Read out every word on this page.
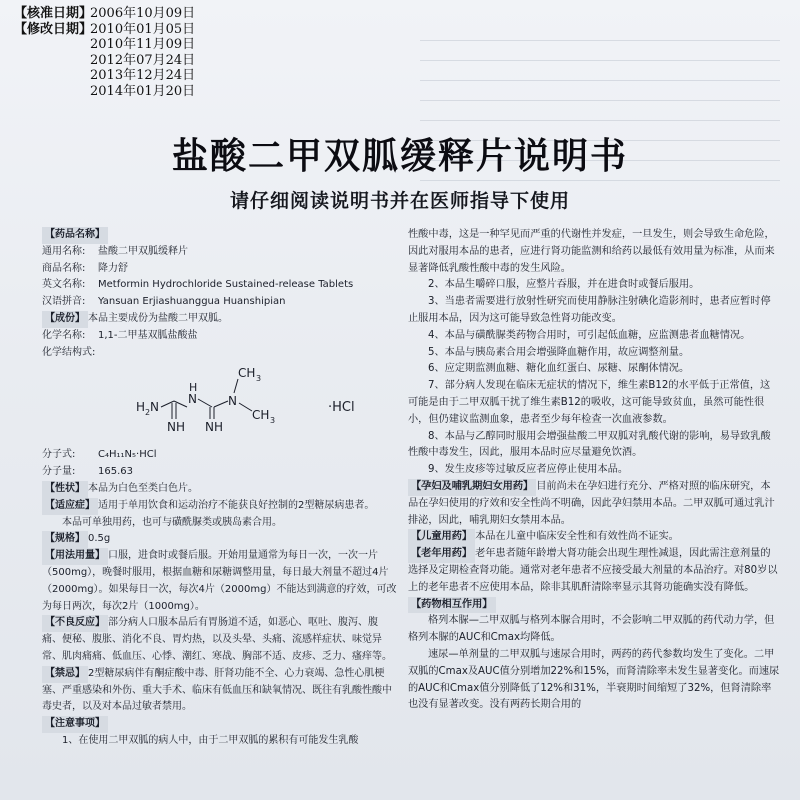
【核准日期】
2006年10月09日
【修改日期】
2010年01月05日
2010年11月09日
2012年07月24日
2013年12月24日
2014年01月20日
盐酸二甲双胍缓释片说明书
请仔细阅读说明书并在医师指导下使用
【药品名称】
通用名称: 盐酸二甲双胍缓释片
商品名称: 降力舒
英文名称: Metformin Hydrochloride Sustained-release Tablets
汉语拼音: Yansuan Erjiashuanggua Huanshipian
【成份】 本品主要成份为盐酸二甲双胍。
化学名称: 1,1-二甲基双胍盐酸盐
化学结构式:
H 2 N
NH
N
H
NH
N
CH 3
CH 3
·HCl
分子式: C₄H₁₁N₅·HCl
分子量: 165.63
【性状】 本品为白色至类白色片。
【适应症】 适用于单用饮食和运动治疗不能获良好控制的2型糖尿病患者。
本品可单独用药，也可与磺酰脲类或胰岛素合用。
【规格】 0.5g
【用法用量】 口服，进食时或餐后服。开始用量通常为每日一次，一次一片（500mg），晚餐时服用，根据血糖和尿糖调整用量，每日最大剂量不超过4片（2000mg）。如果每日一次，每次4片（2000mg）不能达到满意的疗效，可改为每日两次，每次2片（1000mg）。
【不良反应】 部分病人口服本品后有胃肠道不适，如恶心、呕吐、腹泻、腹痛、便秘、腹胀、消化不良、胃灼热，以及头晕、头痛、流感样症状、味觉异常、肌肉痛痛、低血压、心悸、潮红、寒战、胸部不适、皮疹、乏力、瘙痒等。
【禁忌】 2型糖尿病伴有酮症酸中毒、肝肾功能不全、心力衰竭、急性心肌梗塞、严重感染和外伤、重大手术、临床有低血压和缺氧情况、既往有乳酸性酸中毒史者，以及对本品过敏者禁用。
【注意事项】
1、在使用二甲双胍的病人中，由于二甲双胍的累积有可能发生乳酸
性酸中毒，这是一种罕见而严重的代谢性并发症，一旦发生，则会导致生命危险，因此对服用本品的患者，应进行肾功能监测和给药以最低有效用量为标准，从而来显著降低乳酸性酸中毒的发生风险。
2、本品生嚼碎口服，应整片吞服，并在进食时或餐后服用。
3、当患者需要进行放射性研究而使用静脉注射碘化造影剂时，患者应暂时停止服用本品，因为这可能导致急性肾功能改变。
4、本品与磺酰脲类药物合用时，可引起低血糖，应监测患者血糖情况。
5、本品与胰岛素合用会增强降血糖作用，故应调整剂量。
6、应定期监测血糖、糖化血红蛋白、尿糖、尿酮体情况。
7、部分病人发现在临床无症状的情况下，维生素B12的水平低于正常值，这可能是由于二甲双胍干扰了维生素B12的吸收，这可能导致贫血，虽然可能性很小，但仍建议监测血象，患者至少每年检查一次血液参数。
8、本品与乙醇同时服用会增强盐酸二甲双胍对乳酸代谢的影响，易导致乳酸性酸中毒发生，因此，服用本品时应尽量避免饮酒。
9、发生皮疹等过敏反应者应停止使用本品。
【孕妇及哺乳期妇女用药】 目前尚未在孕妇进行充分、严格对照的临床研究，本品在孕妇使用的疗效和安全性尚不明确，因此孕妇禁用本品。二甲双胍可通过乳汁排泌，因此，哺乳期妇女禁用本品。
【儿童用药】 本品在儿童中临床安全性和有效性尚不证实。
【老年用药】 老年患者随年龄增大肾功能会出现生理性减退，因此需注意剂量的选择及定期检查肾功能。通常对老年患者不应接受最大剂量的本品治疗。对80岁以上的老年患者不应使用本品，除非其肌酐清除率显示其肾功能确实没有降低。
【药物相互作用】
格列本脲—二甲双胍与格列本脲合用时，不会影响二甲双胍的药代动力学，但格列本脲的AUC和Cmax均降低。
速尿—单剂量的二甲双胍与速尿合用时，两药的药代参数均发生了变化。二甲双胍的Cmax及AUC值分别增加22%和15%，而肾清除率未发生显著变化。而速尿的AUC和Cmax值分别降低了12%和31%，半衰期时间缩短了32%，但肾清除率也没有显著改变。没有两药长期合用的
